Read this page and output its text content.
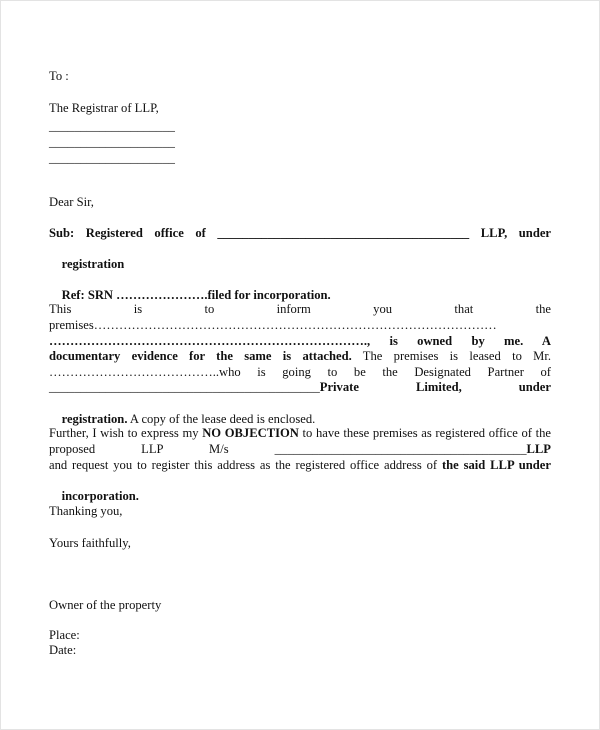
To :
The Registrar of LLP,
____________________
____________________
____________________
Dear Sir,
Sub: Registered office of ________________________________________ LLP, under

registration

Ref: SRN ………………….filed for incorporation.

This is to inform you that the
premises……………………………………………………………………………………
…………………………………………………………………., is owned by me. A
documentary evidence for the same is attached. The premises is leased to Mr.
…………………………………..who is going to be the Designated Partner of
___________________________________________Private Limited, under

registration. A copy of the lease deed is enclosed.

Further, I wish to express my NO OBJECTION to have these premises as registered office of the
proposed LLP M/s ________________________________________LLP
and request you to register this address as the registered office address of the said LLP under

incorporation.

Thanking you,
Yours faithfully,
Owner of the property
Place:
Date:
